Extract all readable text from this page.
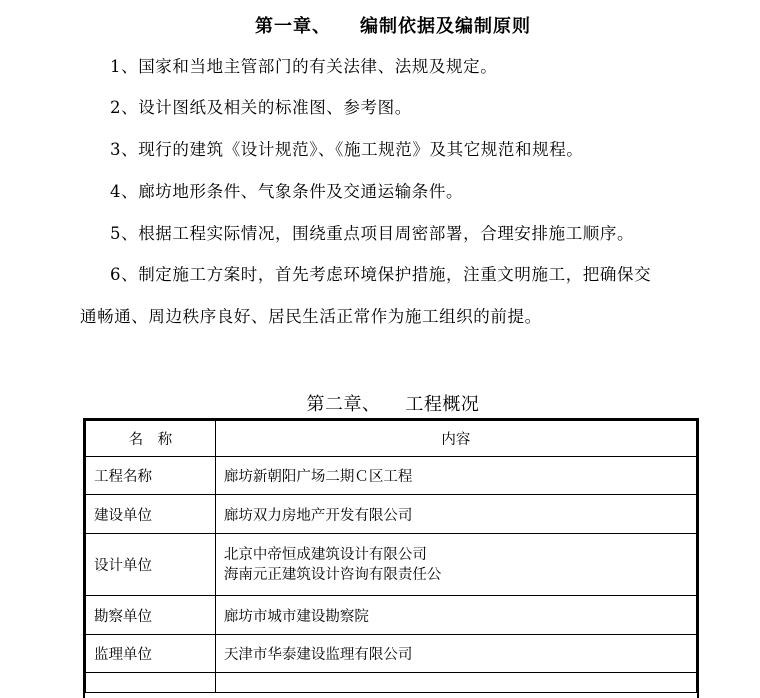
第一章、    编制依据及编制原则
1、国家和当地主管部门的有关法律、法规及规定。
2、设计图纸及相关的标准图、参考图。
3、现行的建筑《设计规范》、《施工规范》及其它规范和规程。
4、廊坊地形条件、气象条件及交通运输条件。
5、根据工程实际情况，围绕重点项目周密部署，合理安排施工顺序。
6、制定施工方案时，首先考虑环境保护措施，注重文明施工，把确保交
通畅通、周边秩序良好、居民生活正常作为施工组织的前提。
第二章、    工程概况
名　称	内容
工程名称	廊坊新朝阳广场二期Ｃ区工程
建设单位	廊坊双力房地产开发有限公司
设计单位	北京中帝恒成建筑设计有限公司
海南元正建筑设计咨询有限责任公

勘察单位	廊坊市城市建设勘察院
监理单位	天津市华泰建设监理有限公司
